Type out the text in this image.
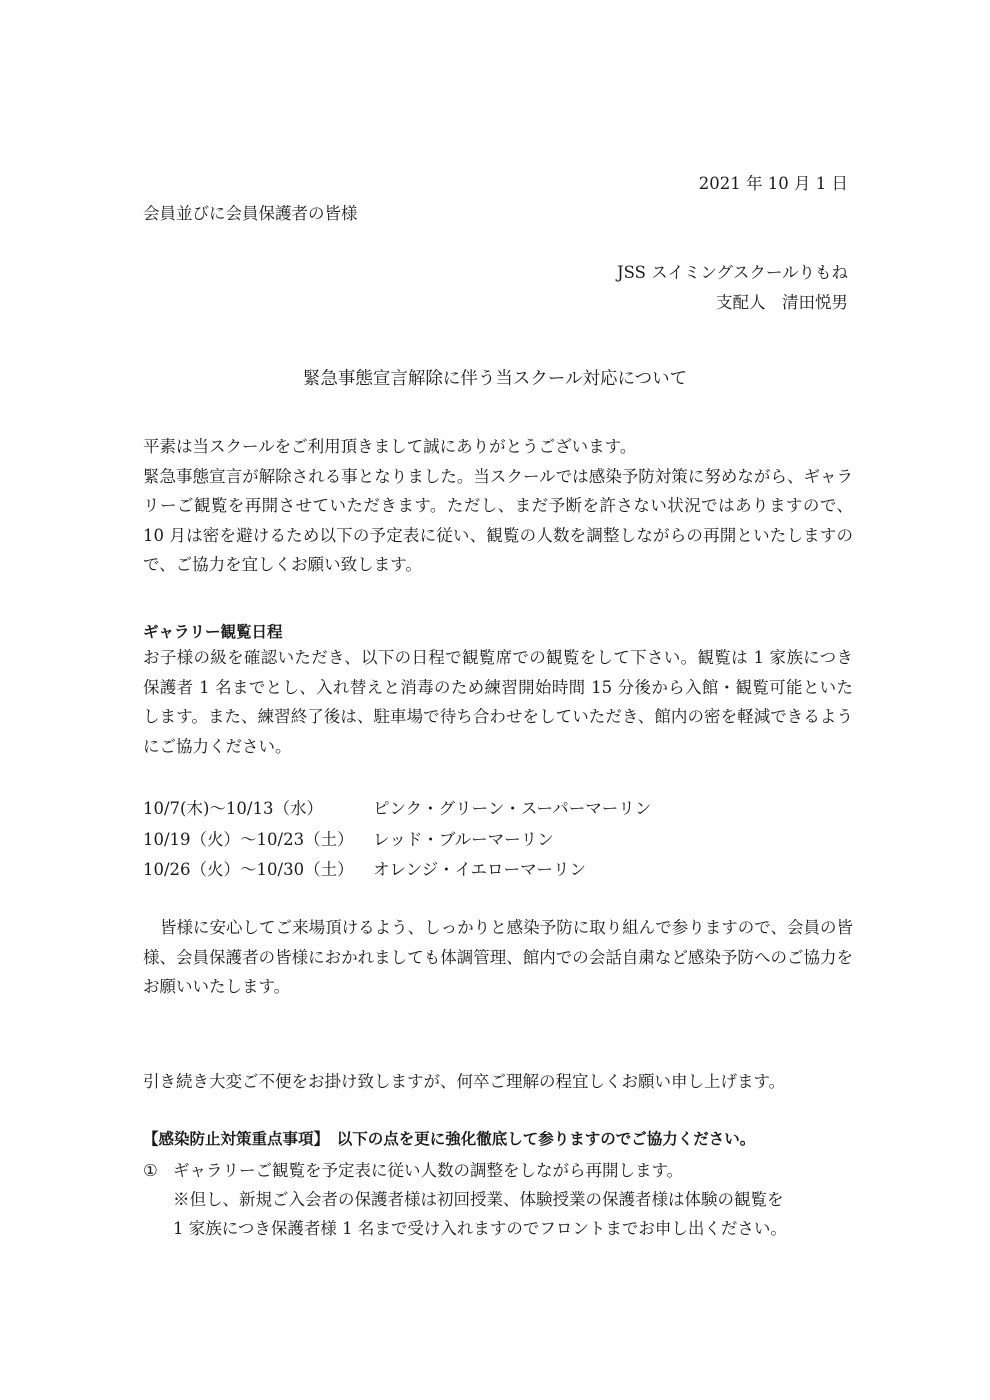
2021 年 10 月 1 日
会員並びに会員保護者の皆様
JSS スイミングスクールりもね
支配人　清田悦男
緊急事態宣言解除に伴う当スクール対応について

平素は当スクールをご利用頂きまして誠にありがとうございます。

緊急事態宣言が解除される事となりました。当スクールでは感染予防対策に努めながら、ギャラリーご観覧を再開させていただきます。ただし、まだ予断を許さない状況ではありますので、10 月は密を避けるため以下の予定表に従い、観覧の人数を調整しながらの再開といたしますので、ご協力を宜しくお願い致します。

ギャラリー観覧日程
お子様の級を確認いただき、以下の日程で観覧席での観覧をして下さい。観覧は 1 家族につき保護者 1 名までとし、入れ替えと消毒のため練習開始時間 15 分後から入館・観覧可能といたします。また、練習終了後は、駐車場で待ち合わせをしていただき、館内の密を軽減できるようにご協力ください。
10/7(木)～10/13（水）	ピンク・グリーン・スーパーマーリン
10/19（火）～10/23（土） レッド・ブルーマーリン
10/26（火）～10/30（土） オレンジ・イエローマーリン
皆様に安心してご来場頂けるよう、しっかりと感染予防に取り組んで参りますので、会員の皆様、会員保護者の皆様におかれましても体調管理、館内での会話自粛など感染予防へのご協力をお願いいたします。
引き続き大変ご不便をお掛け致しますが、何卒ご理解の程宜しくお願い申し上げます。
【感染防止対策重点事項】　以下の点を更に強化徹底して参りますのでご協力ください。
① ギャラリーご観覧を予定表に従い人数の調整をしながら再開します。
※但し、新規ご入会者の保護者様は初回授業、体験授業の保護者様は体験の観覧を
1 家族につき保護者様 1 名まで受け入れますのでフロントまでお申し出ください。
